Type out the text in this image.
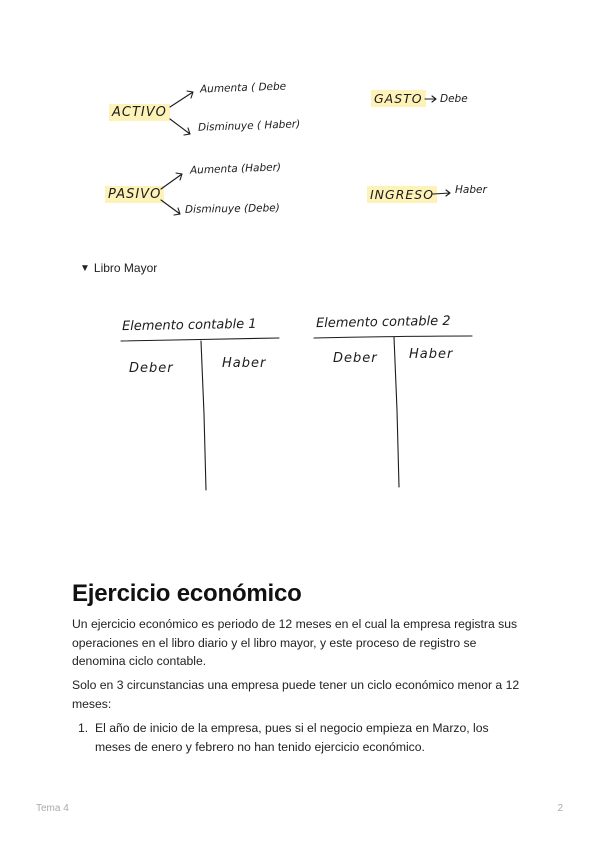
ACTIVO
Aumenta ( Debe
Disminuye ( Haber)
PASIVO
Aumenta (Haber)
Disminuye (Debe)
GASTO Debe
INGRESO Haber
▼ Libro Mayor
Elemento contable 1
Deber	Haber
Elemento contable 2
Deber Haber
Ejercicio económico

Un ejercicio económico es periodo de 12 meses en el cual la empresa registra sus operaciones en el libro diario y el libro mayor, y este proceso de registro se denomina ciclo contable.

Solo en 3 circunstancias una empresa puede tener un ciclo económico menor a 12 meses:

1. El año de inicio de la empresa, pues si el negocio empieza en Marzo, los meses de enero y febrero no han tenido ejercicio económico.
Tema 4	2
